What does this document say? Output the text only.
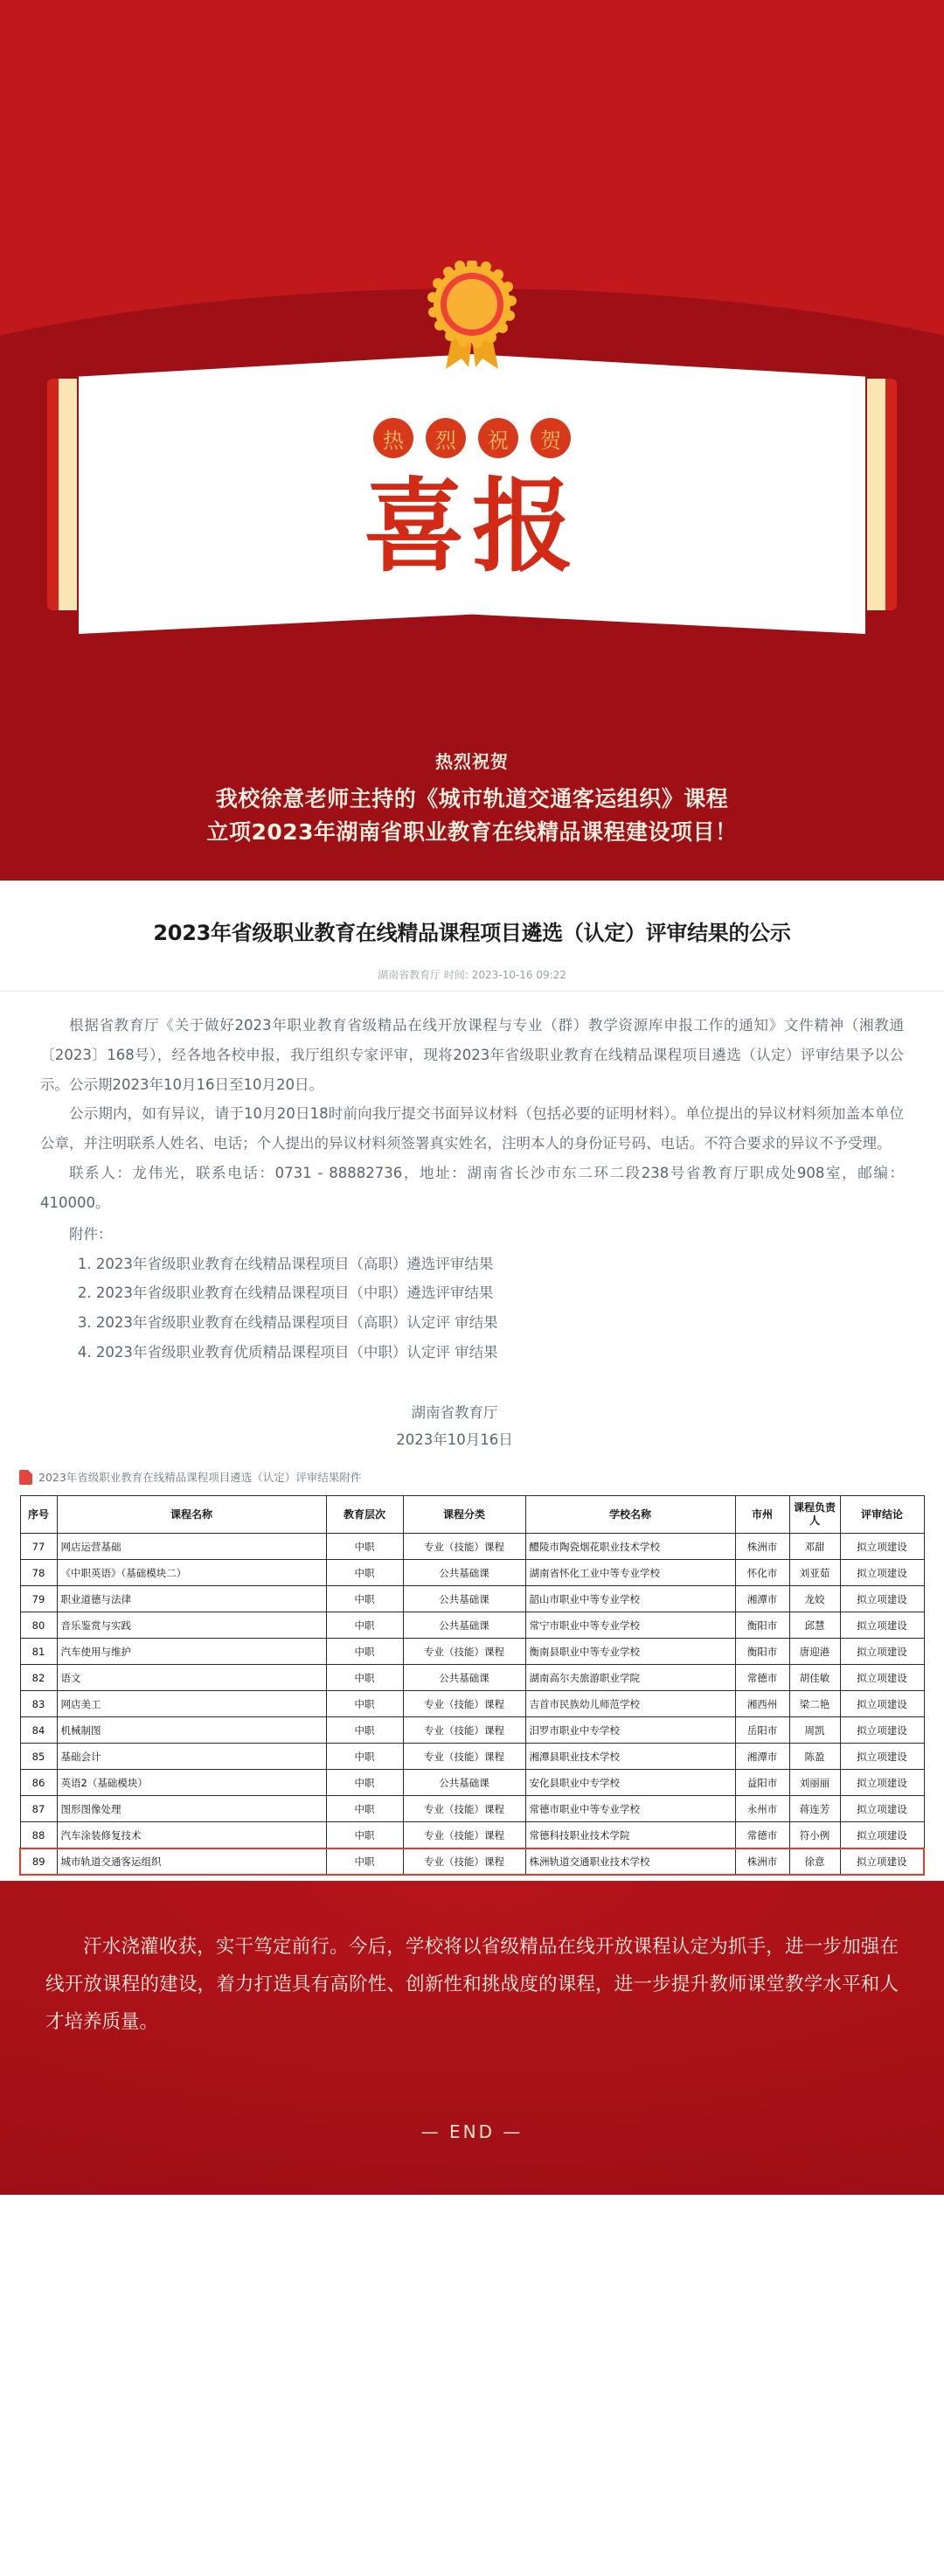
热	烈	祝	贺
喜报
热烈祝贺
我校徐意老师主持的《城市轨道交通客运组织》课程
立项2023年湖南省职业教育在线精品课程建设项目！
2023年省级职业教育在线精品课程项目遴选（认定）评审结果的公示
湖南省教育厅 时间: 2023-10-16 09:22

根据省教育厅《关于做好2023年职业教育省级精品在线开放课程与专业（群）教学资源库申报工作的通知》文件精神（湘教通〔2023〕168号），经各地各校申报，我厅组织专家评审，现将2023年省级职业教育在线精品课程项目遴选（认定）评审结果予以公示。公示期2023年10月16日至10月20日。

公示期内，如有异议，请于10月20日18时前向我厅提交书面异议材料（包括必要的证明材料）。单位提出的异议材料须加盖本单位公章，并注明联系人姓名、电话；个人提出的异议材料须签署真实姓名，注明本人的身份证号码、电话。不符合要求的异议不予受理。

联系人：龙伟光，联系电话：0731 - 88882736，地址：湖南省长沙市东二环二段238号省教育厅职成处908室，邮编：410000。

附件：

1. 2023年省级职业教育在线精品课程项目（高职）遴选评审结果

2. 2023年省级职业教育在线精品课程项目（中职）遴选评审结果

3. 2023年省级职业教育在线精品课程项目（高职）认定评 审结果

4. 2023年省级职业教育优质精品课程项目（中职）认定评 审结果

湖南省教育厅
2023年10月16日
2023年省级职业教育在线精品课程项目遴选（认定）评审结果附件
序号	课程名称	教育层次	课程分类	学校名称	市州	课程负责人	评审结论
77	网店运营基础	中职	专业（技能）课程	醴陵市陶瓷烟花职业技术学校	株洲市	邓甜	拟立项建设
78	《中职英语》（基础模块二）	中职	公共基础课	湖南省怀化工业中等专业学校	怀化市	刘亚茹	拟立项建设
79	职业道德与法律	中职	公共基础课	韶山市职业中等专业学校	湘潭市	龙姣	拟立项建设
80	音乐鉴赏与实践	中职	公共基础课	常宁市职业中等专业学校	衡阳市	邱慧	拟立项建设
81	汽车使用与维护	中职	专业（技能）课程	衡南县职业中等专业学校	衡阳市	唐迎港	拟立项建设
82	语文	中职	公共基础课	湖南高尔夫旅游职业学院	常德市	胡佳敏	拟立项建设
83	网店美工	中职	专业（技能）课程	吉首市民族幼儿师范学校	湘西州	梁二艳	拟立项建设
84	机械制图	中职	专业（技能）课程	汨罗市职业中专学校	岳阳市	周凯	拟立项建设
85	基础会计	中职	专业（技能）课程	湘潭县职业技术学校	湘潭市	陈盈	拟立项建设
86	英语2（基础模块）	中职	公共基础课	安化县职业中专学校	益阳市	刘丽丽	拟立项建设
87	图形图像处理	中职	专业（技能）课程	常德市职业中等专业学校	永州市	蒋连芳	拟立项建设
88	汽车涂装修复技术	中职	专业（技能）课程	常德科技职业技术学院	常德市	符小例	拟立项建设
89	城市轨道交通客运组织	中职	专业（技能）课程	株洲轨道交通职业技术学校	株洲市	徐意	拟立项建设
汗水浇灌收获，实干笃定前行。今后，学校将以省级精品在线开放课程认定为抓手，进一步加强在线开放课程的建设，着力打造具有高阶性、创新性和挑战度的课程，进一步提升教师课堂教学水平和人才培养质量。
— END —
